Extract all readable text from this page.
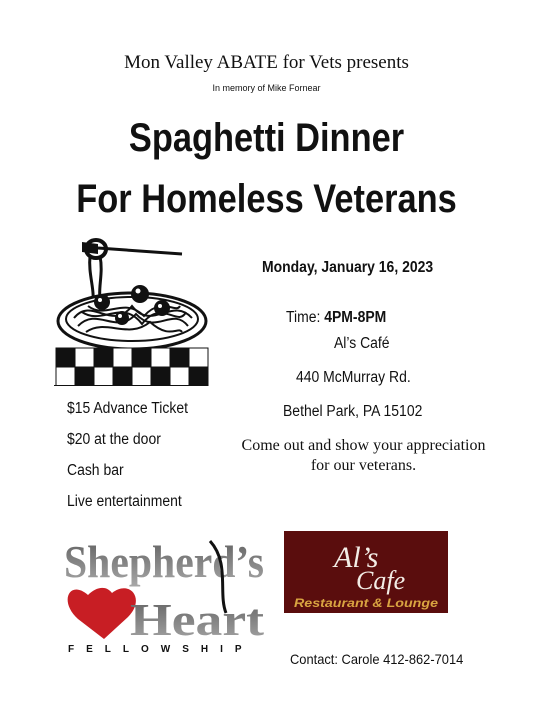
Mon Valley ABATE for Vets presents
In memory of Mike Fornear
Spaghetti Dinner
For Homeless Veterans
Monday, January 16, 2023
Time: 4PM-8PM
Al’s Café
440 McMurray Rd.
Bethel Park, PA 15102
Come out and show your appreciation
for our veterans.
$15 Advance Ticket
$20 at the door
Cash bar
Live entertainment
Shepherd’s
Heart
FELLOWSHIP
Al’s
Cafe
Restaurant & Lounge
Contact: Carole 412-862-7014
